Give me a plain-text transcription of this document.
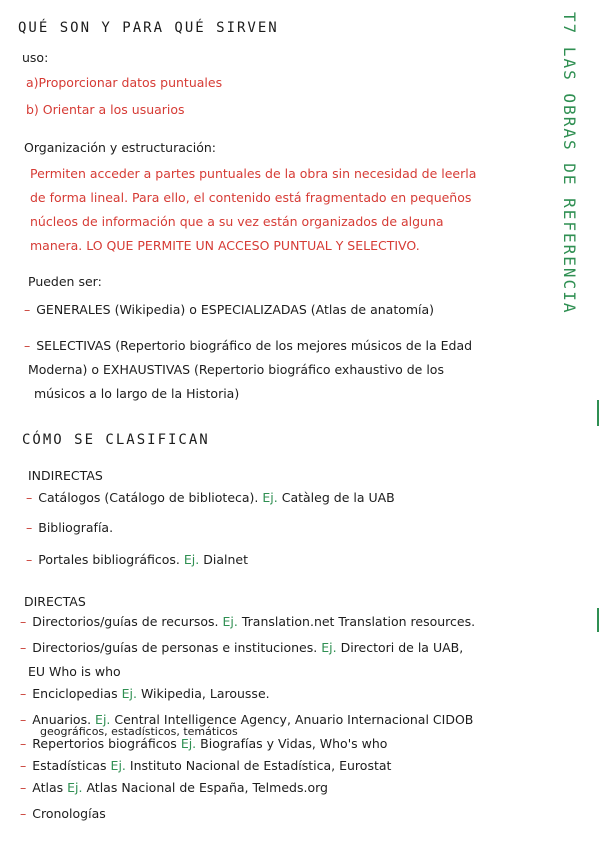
T7 LAS OBRAS DE REFERENCIA
QUÉ SON Y PARA QUÉ SIRVEN
uso:
a)Proporcionar datos puntuales
b) Orientar a los usuarios
Organización y estructuración:
Permiten acceder a partes puntuales de la obra sin necesidad de leerla
de forma lineal. Para ello, el contenido está fragmentado en pequeños
núcleos de información que a su vez están organizados de alguna
manera. LO QUE PERMITE UN ACCESO PUNTUAL Y SELECTIVO.
Pueden ser:
– GENERALES (Wikipedia) o ESPECIALIZADAS (Atlas de anatomía)
– SELECTIVAS (Repertorio biográfico de los mejores músicos de la Edad
Moderna) o EXHAUSTIVAS (Repertorio biográfico exhaustivo de los
músicos a lo largo de la Historia)
CÓMO SE CLASIFICAN
INDIRECTAS
– Catálogos (Catálogo de biblioteca). Ej. Catàleg de la UAB
– Bibliografía.
– Portales bibliográficos. Ej. Dialnet
DIRECTAS
– Directorios/guías de recursos. Ej. Translation.net Translation resources.
– Directorios/guías de personas e instituciones. Ej. Directori de la UAB,
EU Who is who
– Enciclopedias Ej. Wikipedia, Larousse.
– Anuarios. Ej. Central Intelligence Agency, Anuario Internacional CIDOB
geográficos, estadísticos, temáticos
– Repertorios biográficos Ej. Biografías y Vidas, Who's who
– Estadísticas Ej. Instituto Nacional de Estadística, Eurostat
– Atlas Ej. Atlas Nacional de España, Telmeds.org
– Cronologías
